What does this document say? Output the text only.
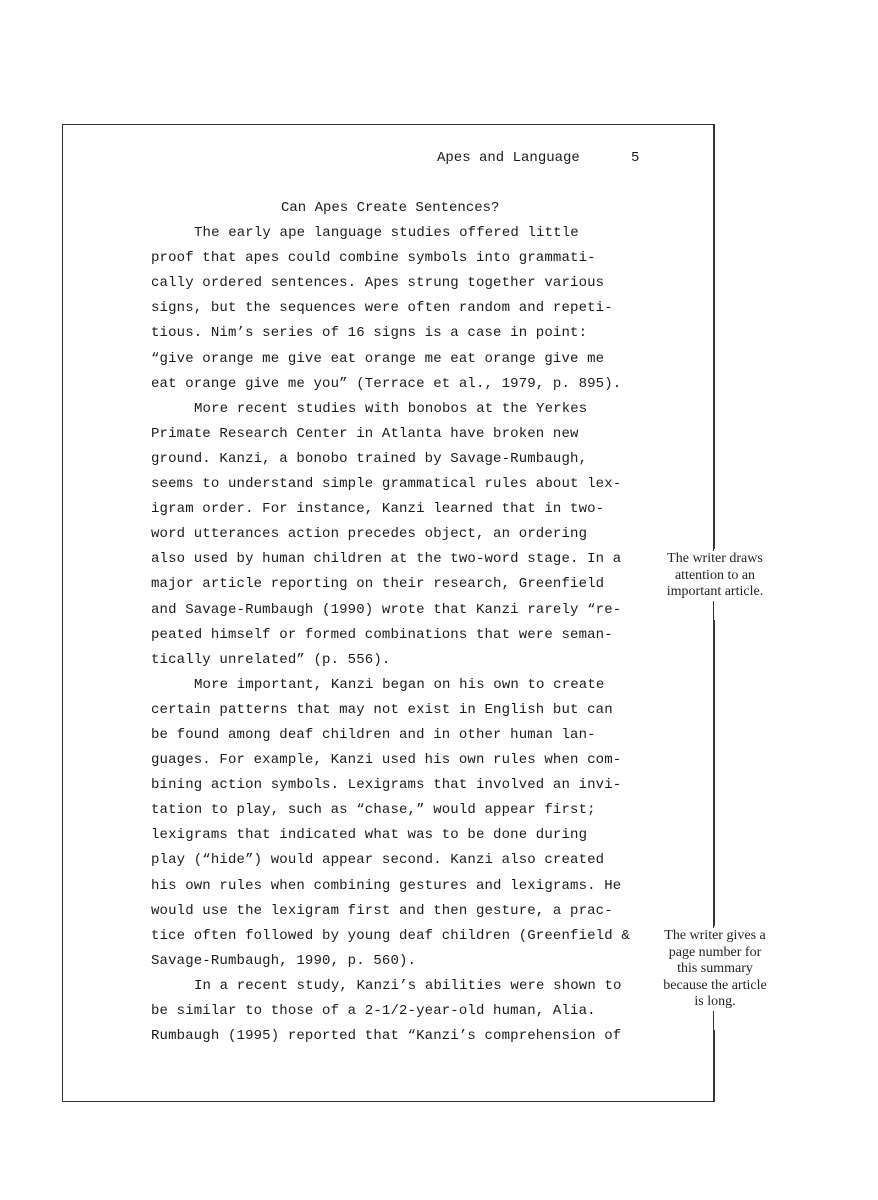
Apes and Language	5
Can Apes Create Sentences?
The early ape language studies offered little
proof that apes could combine symbols into grammati-
cally ordered sentences. Apes strung together various
signs, but the sequences were often random and repeti-
tious. Nim’s series of 16 signs is a case in point:
“give orange me give eat orange me eat orange give me
eat orange give me you” (Terrace et al., 1979, p. 895).
More recent studies with bonobos at the Yerkes
Primate Research Center in Atlanta have broken new
ground. Kanzi, a bonobo trained by Savage-Rumbaugh,
seems to understand simple grammatical rules about lex-
igram order. For instance, Kanzi learned that in two-
word utterances action precedes object, an ordering
also used by human children at the two-word stage. In a
major article reporting on their research, Greenfield
and Savage-Rumbaugh (1990) wrote that Kanzi rarely “re-
peated himself or formed combinations that were seman-
tically unrelated” (p. 556).
More important, Kanzi began on his own to create
certain patterns that may not exist in English but can
be found among deaf children and in other human lan-
guages. For example, Kanzi used his own rules when com-
bining action symbols. Lexigrams that involved an invi-
tation to play, such as “chase,” would appear first;
lexigrams that indicated what was to be done during
play (“hide”) would appear second. Kanzi also created
his own rules when combining gestures and lexigrams. He
would use the lexigram first and then gesture, a prac-
tice often followed by young deaf children (Greenfield &
Savage-Rumbaugh, 1990, p. 560).
In a recent study, Kanzi’s abilities were shown to
be similar to those of a 2-1/2-year-old human, Alia.
Rumbaugh (1995) reported that “Kanzi’s comprehension of
The writer draws attention to an important article.
The writer gives a page number for this summary because the article is long.
